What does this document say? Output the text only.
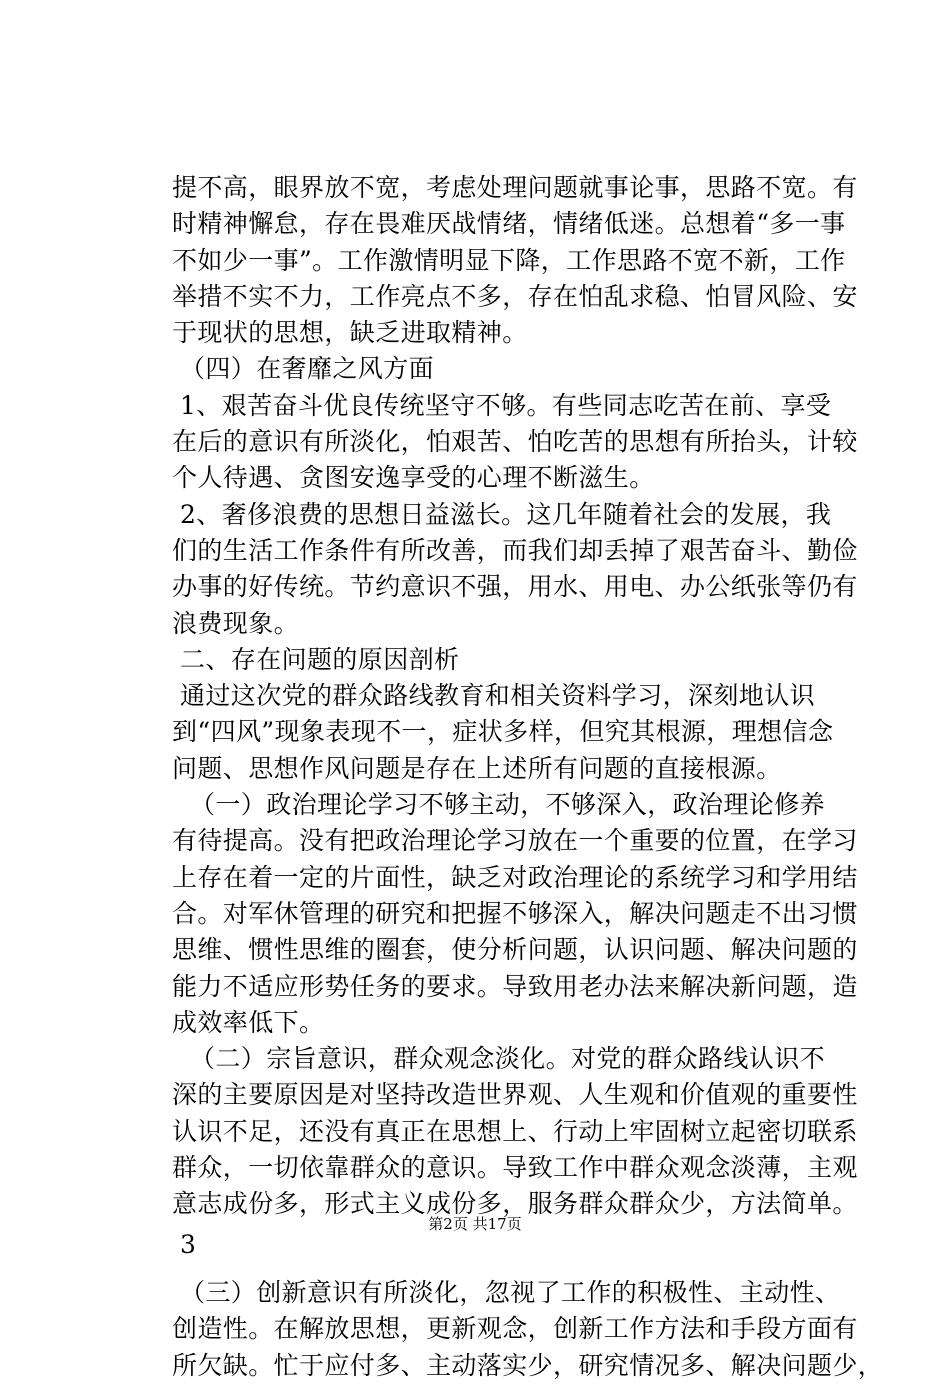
提不高，眼界放不宽，考虑处理问题就事论事，思路不宽。有
时精神懈怠，存在畏难厌战情绪，情绪低迷。总想着“多一事
不如少一事”。工作激情明显下降，工作思路不宽不新，工作
举措不实不力，工作亮点不多，存在怕乱求稳、怕冒风险、安
于现状的思想，缺乏进取精神。
（四）在奢靡之风方面
1、艰苦奋斗优良传统坚守不够。有些同志吃苦在前、享受
在后的意识有所淡化，怕艰苦、怕吃苦的思想有所抬头，计较
个人待遇、贪图安逸享受的心理不断滋生。
2、奢侈浪费的思想日益滋长。这几年随着社会的发展，我
们的生活工作条件有所改善，而我们却丢掉了艰苦奋斗、勤俭
办事的好传统。节约意识不强，用水、用电、办公纸张等仍有
浪费现象。
二、存在问题的原因剖析
通过这次党的群众路线教育和相关资料学习，深刻地认识
到“四风”现象表现不一，症状多样，但究其根源，理想信念
问题、思想作风问题是存在上述所有问题的直接根源。
（一）政治理论学习不够主动，不够深入，政治理论修养
有待提高。没有把政治理论学习放在一个重要的位置，在学习
上存在着一定的片面性，缺乏对政治理论的系统学习和学用结
合。对军休管理的研究和把握不够深入，解决问题走不出习惯
思维、惯性思维的圈套，使分析问题，认识问题、解决问题的
能力不适应形势任务的要求。导致用老办法来解决新问题，造
成效率低下。
（二）宗旨意识，群众观念淡化。对党的群众路线认识不
深的主要原因是对坚持改造世界观、人生观和价值观的重要性
认识不足，还没有真正在思想上、行动上牢固树立起密切联系
群众，一切依靠群众的意识。导致工作中群众观念淡薄，主观
意志成份多，形式主义成份多，服务群众群众少，方法简单。
3
（三）创新意识有所淡化，忽视了工作的积极性、主动性、
创造性。在解放思想，更新观念，创新工作方法和手段方面有
所欠缺。忙于应付多、主动落实少，研究情况多、解决问题少，
第2页 共17页
